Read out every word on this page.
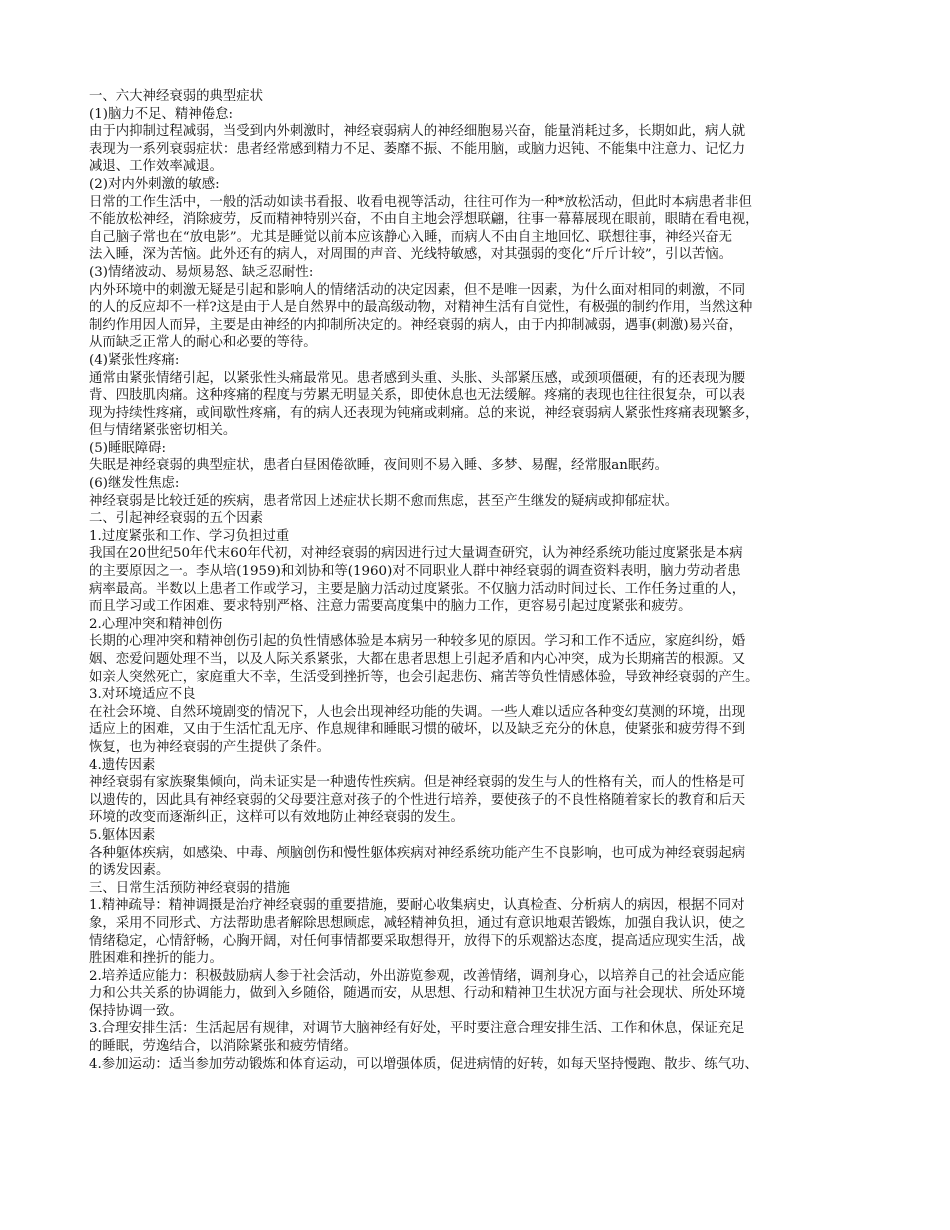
一、六大神经衰弱的典型症状
(1)脑力不足、精神倦怠:
由于内抑制过程减弱，当受到内外刺激时，神经衰弱病人的神经细胞易兴奋，能量消耗过多，长期如此，病人就
表现为一系列衰弱症状：患者经常感到精力不足、萎靡不振、不能用脑，或脑力迟钝、不能集中注意力、记忆力
减退、工作效率减退。
(2)对内外刺激的敏感:
日常的工作生活中，一般的活动如读书看报、收看电视等活动，往往可作为一种*放松活动，但此时本病患者非但
不能放松神经，消除疲劳，反而精神特别兴奋，不由自主地会浮想联翩，往事一幕幕展现在眼前，眼睛在看电视，
自己脑子常也在“放电影”。尤其是睡觉以前本应该静心入睡，而病人不由自主地回忆、联想往事，神经兴奋无
法入睡，深为苦恼。此外还有的病人，对周围的声音、光线特敏感，对其强弱的变化“斤斤计较”，引以苦恼。
(3)情绪波动、易烦易怒、缺乏忍耐性:
内外环境中的刺激无疑是引起和影响人的情绪活动的决定因素，但不是唯一因素，为什么面对相同的刺激，不同
的人的反应却不一样?这是由于人是自然界中的最高级动物，对精神生活有自觉性，有极强的制约作用，当然这种
制约作用因人而异，主要是由神经的内抑制所决定的。神经衰弱的病人，由于内抑制减弱，遇事(刺激)易兴奋，
从而缺乏正常人的耐心和必要的等待。
(4)紧张性疼痛:
通常由紧张情绪引起，以紧张性头痛最常见。患者感到头重、头胀、头部紧压感，或颈项僵硬，有的还表现为腰
背、四肢肌肉痛。这种疼痛的程度与劳累无明显关系，即使休息也无法缓解。疼痛的表现也往往很复杂，可以表
现为持续性疼痛，或间歇性疼痛，有的病人还表现为钝痛或刺痛。总的来说，神经衰弱病人紧张性疼痛表现繁多，
但与情绪紧张密切相关。
(5)睡眠障碍:
失眠是神经衰弱的典型症状，患者白昼困倦欲睡，夜间则不易入睡、多梦、易醒，经常服an眠药。
(6)继发性焦虑:
神经衰弱是比较迁延的疾病，患者常因上述症状长期不愈而焦虑，甚至产生继发的疑病或抑郁症状。
二、引起神经衰弱的五个因素
1.过度紧张和工作、学习负担过重
我国在20世纪50年代末60年代初，对神经衰弱的病因进行过大量调查研究，认为神经系统功能过度紧张是本病
的主要原因之一。李从培(1959)和刘协和等(1960)对不同职业人群中神经衰弱的调查资料表明，脑力劳动者患
病率最高。半数以上患者工作或学习，主要是脑力活动过度紧张。不仅脑力活动时间过长、工作任务过重的人，
而且学习或工作困难、要求特别严格、注意力需要高度集中的脑力工作，更容易引起过度紧张和疲劳。
2.心理冲突和精神创伤
长期的心理冲突和精神创伤引起的负性情感体验是本病另一种较多见的原因。学习和工作不适应，家庭纠纷，婚
姻、恋爱问题处理不当，以及人际关系紧张，大都在患者思想上引起矛盾和内心冲突，成为长期痛苦的根源。又
如亲人突然死亡，家庭重大不幸，生活受到挫折等，也会引起悲伤、痛苦等负性情感体验，导致神经衰弱的产生。
3.对环境适应不良
在社会环境、自然环境剧变的情况下，人也会出现神经功能的失调。一些人难以适应各种变幻莫测的环境，出现
适应上的困难，又由于生活忙乱无序、作息规律和睡眠习惯的破坏，以及缺乏充分的休息，使紧张和疲劳得不到
恢复，也为神经衰弱的产生提供了条件。
4.遗传因素
神经衰弱有家族聚集倾向，尚未证实是一种遗传性疾病。但是神经衰弱的发生与人的性格有关，而人的性格是可
以遗传的，因此具有神经衰弱的父母要注意对孩子的个性进行培养，要使孩子的不良性格随着家长的教育和后天
环境的改变而逐渐纠正，这样可以有效地防止神经衰弱的发生。
5.躯体因素
各种躯体疾病，如感染、中毒、颅脑创伤和慢性躯体疾病对神经系统功能产生不良影响，也可成为神经衰弱起病
的诱发因素。
三、日常生活预防神经衰弱的措施
1.精神疏导：精神调摄是治疗神经衰弱的重要措施，要耐心收集病史，认真检查、分析病人的病因，根据不同对
象，采用不同形式、方法帮助患者解除思想顾虑，减轻精神负担，通过有意识地艰苦锻炼，加强自我认识，使之
情绪稳定，心情舒畅，心胸开阔，对任何事情都要采取想得开，放得下的乐观豁达态度，提高适应现实生活，战
胜困难和挫折的能力。
2.培养适应能力：积极鼓励病人参于社会活动，外出游览参观，改善情绪，调剂身心，以培养自己的社会适应能
力和公共关系的协调能力，做到入乡随俗，随遇而安，从思想、行动和精神卫生状况方面与社会现状、所处环境
保持协调一致。
3.合理安排生活：生活起居有规律，对调节大脑神经有好处，平时要注意合理安排生活、工作和休息，保证充足
的睡眠，劳逸结合，以消除紧张和疲劳情绪。
4.参加运动：适当参加劳动锻炼和体育运动，可以增强体质，促进病情的好转，如每天坚持慢跑、散步、练气功、
